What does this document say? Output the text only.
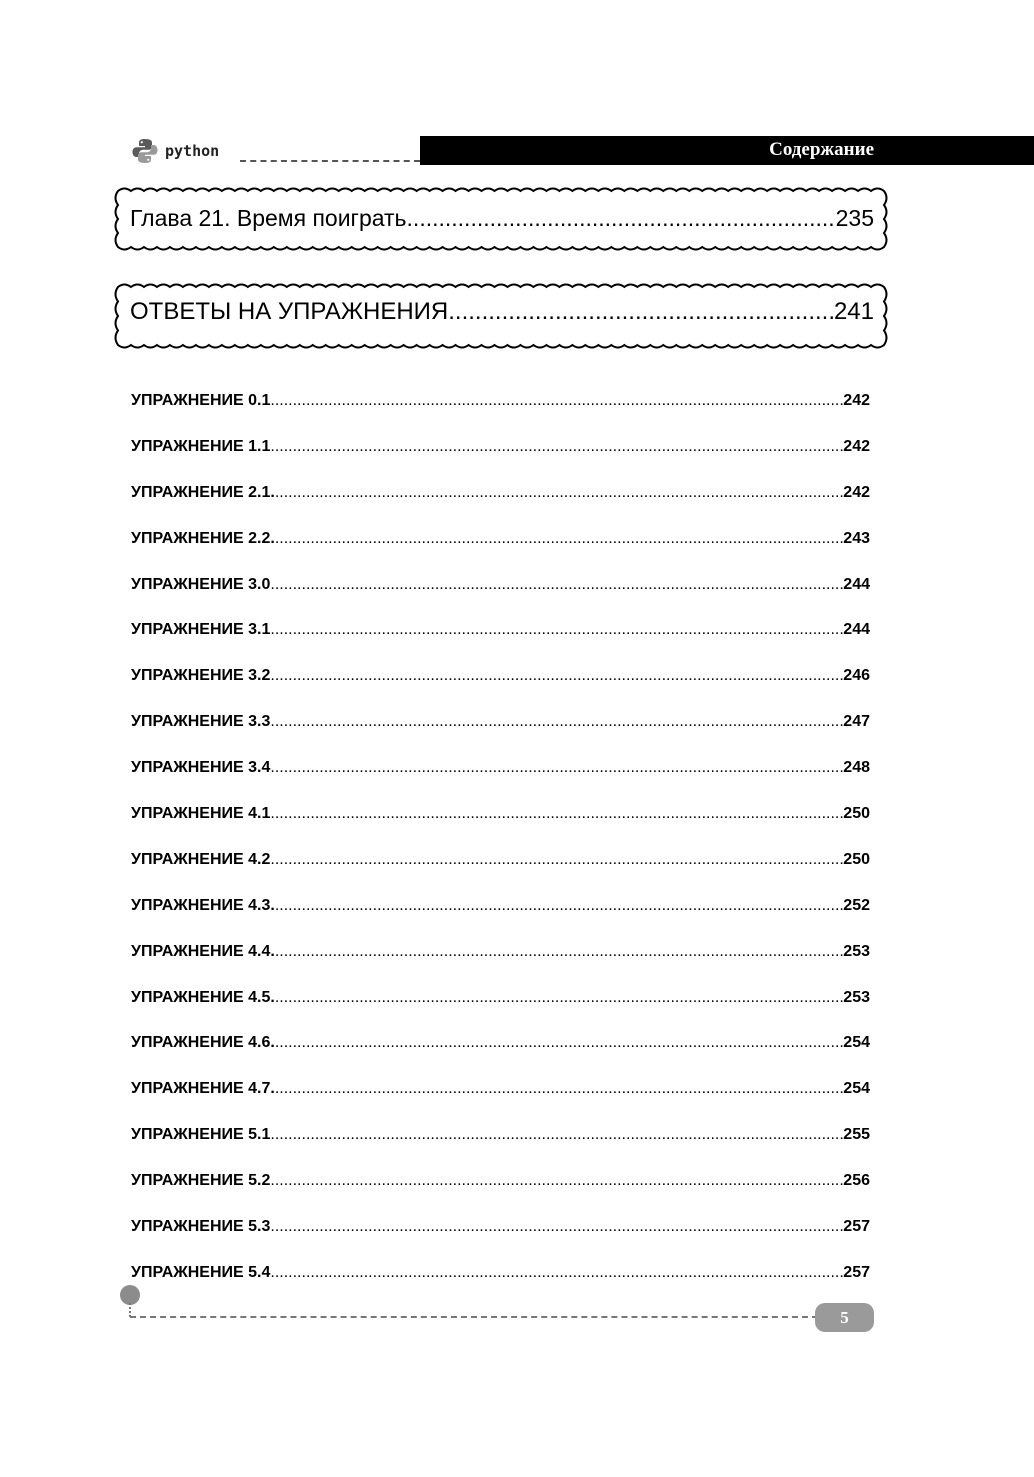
python	Содержание
Глава 21. Время поиграть .....	235
ОТВЕТЫ НА УПРАЖНЕНИЯ .....	241
УПРАЖНЕНИЕ 0.1 .....	242
УПРАЖНЕНИЕ 1.1 .....	242
УПРАЖНЕНИЕ 2.1. .....	242
УПРАЖНЕНИЕ 2.2. .....	243
УПРАЖНЕНИЕ 3.0 .....	244
УПРАЖНЕНИЕ 3.1 .....	244
УПРАЖНЕНИЕ 3.2 .....	246
УПРАЖНЕНИЕ 3.3 .....	247
УПРАЖНЕНИЕ 3.4 .....	248
УПРАЖНЕНИЕ 4.1 .....	250
УПРАЖНЕНИЕ 4.2 .....	250
УПРАЖНЕНИЕ 4.3. .....	252
УПРАЖНЕНИЕ 4.4. .....	253
УПРАЖНЕНИЕ 4.5. .....	253
УПРАЖНЕНИЕ 4.6. .....	254
УПРАЖНЕНИЕ 4.7. .....	254
УПРАЖНЕНИЕ 5.1 .....	255
УПРАЖНЕНИЕ 5.2 .....	256
УПРАЖНЕНИЕ 5.3 .....	257
УПРАЖНЕНИЕ 5.4 .....	257
5
